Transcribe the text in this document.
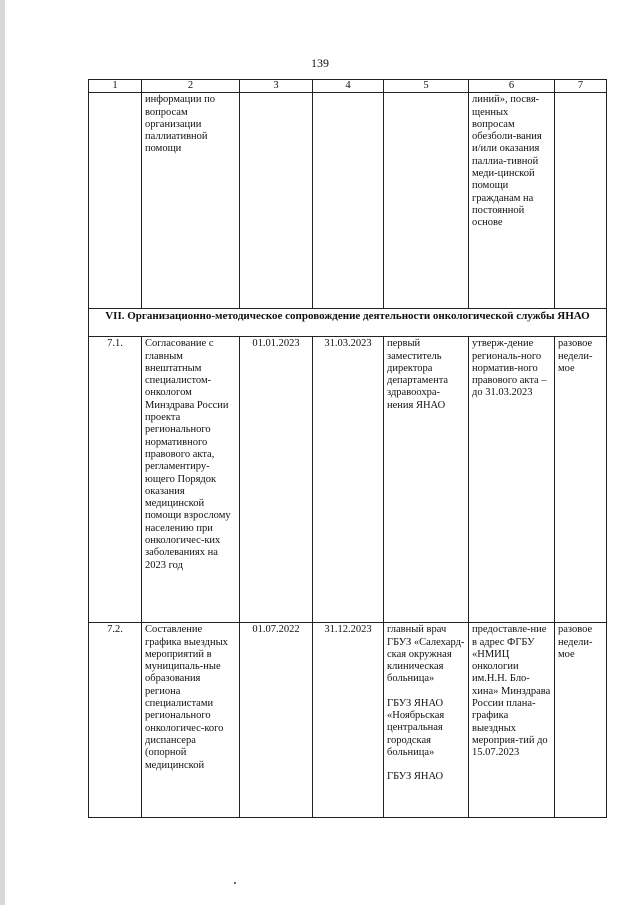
139
1	2	3	4	5	6	7
	информации по вопросам организации паллиативной помощи				линий», посвя-щенных вопросам обезболи-вания и/или оказания паллиа-тивной меди-цинской помощи гражданам на постоянной основе	
VII. Организационно-методическое сопровождение деятельности онкологической службы ЯНАО						
7.1.	Согласование с главным внештатным специалистом-онкологом Минздрава России проекта регионального нормативного правового акта, регламентиру-ющего Порядок оказания медицинской помощи взрослому населению при онкологичес-ких заболеваниях на 2023 год	01.01.2023	31.03.2023	первый заместитель директора департамента здравоохра-нения ЯНАО	утверж-дение региональ-ного норматив-ного правового акта – до 31.03.2023	разовое недели-мое
7.2.	Составление графика выездных мероприятий в муниципаль-ные образования региона специалистами регионального онкологичес-кого диспансера (опорной медицинской	01.07.2022	31.12.2023	главный врач ГБУЗ «Салехард-ская окружная клиническая больница»
ГБУЗ ЯНАО «Ноябрьская центральная городская больница»
ГБУЗ ЯНАО	предоставле-ние в адрес ФГБУ «НМИЦ онкологии им.Н.Н. Бло-хина» Минздрава России плана-графика выездных мероприя-тий до 15.07.2023	разовое недели-мое
